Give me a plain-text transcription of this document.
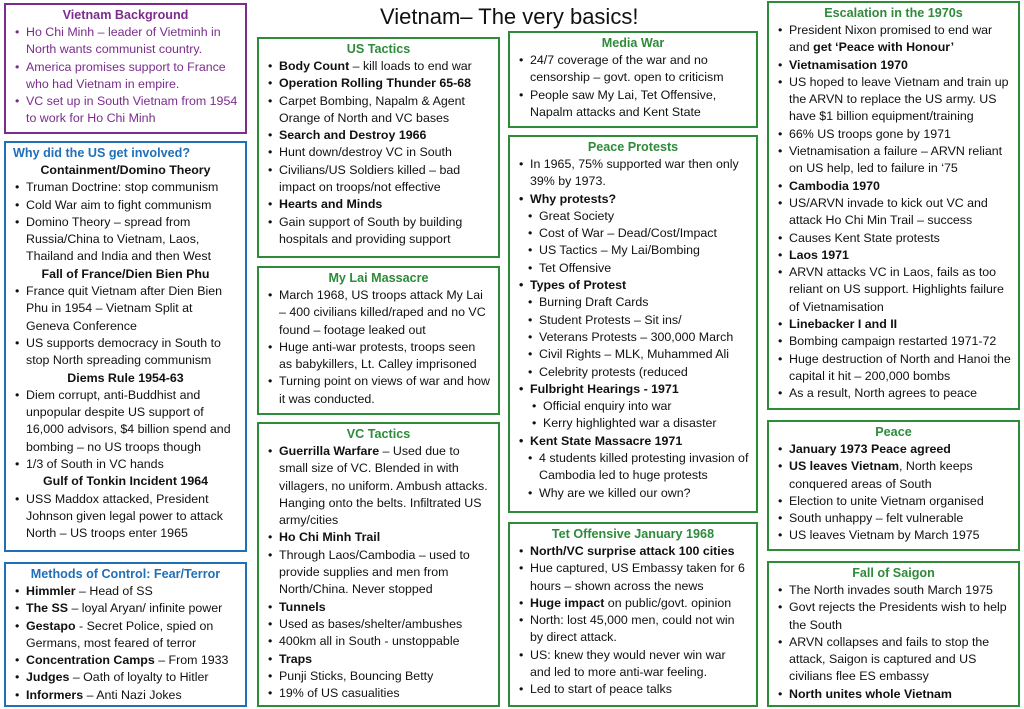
Vietnam– The very basics!
Vietnam Background
• Ho Chi Minh – leader of Vietminh in North wants communist country.
• America promises support to France who had Vietnam in empire.
• VC set up in South Vietnam from 1954 to work for Ho Chi Minh
Why did the US get involved?
Containment/Domino Theory
• Truman Doctrine: stop communism
• Cold War aim to fight communism
• Domino Theory – spread from Russia/China to Vietnam, Laos, Thailand and India and then West
Fall of France/Dien Bien Phu
• France quit Vietnam after Dien Bien Phu in 1954 – Vietnam Split at Geneva Conference
• US supports democracy in South to stop North spreading communism
Diems Rule 1954-63
• Diem corrupt, anti-Buddhist and unpopular despite US support of 16,000 advisors, $4 billion spend and bombing – no US troops though
• 1/3 of South in VC hands
Gulf of Tonkin Incident 1964
• USS Maddox attacked, President Johnson given legal power to attack North – US troops enter 1965
Methods of Control: Fear/Terror
• Himmler – Head of SS
• The SS – loyal Aryan/ infinite power
• Gestapo - Secret Police, spied on Germans, most feared of terror
• Concentration Camps – From 1933
• Judges – Oath of loyalty to Hitler
• Informers – Anti Nazi Jokes
US Tactics
• Body Count – kill loads to end war
• Operation Rolling Thunder 65-68
• Carpet Bombing, Napalm & Agent Orange of North and VC bases
• Search and Destroy 1966
• Hunt down/destroy VC in South
• Civilians/US Soldiers killed – bad impact on troops/not effective
• Hearts and Minds
• Gain support of South by building hospitals and providing support
My Lai Massacre
• March 1968, US troops attack My Lai – 400 civilians killed/raped and no VC found – footage leaked out
• Huge anti-war protests, troops seen as babykillers, Lt. Calley imprisoned
• Turning point on views of war and how it was conducted.
VC Tactics
• Guerrilla Warfare – Used due to small size of VC. Blended in with villagers, no uniform. Ambush attacks. Hanging onto the belts. Infiltrated US army/cities
• Ho Chi Minh Trail
• Through Laos/Cambodia – used to provide supplies and men from North/China. Never stopped
• Tunnels
• Used as bases/shelter/ambushes
• 400km all in South - unstoppable
• Traps
• Punji Sticks, Bouncing Betty
• 19% of US casualities
Media War
• 24/7 coverage of the war and no censorship – govt. open to criticism
• People saw My Lai, Tet Offensive, Napalm attacks and Kent State
Peace Protests
• In 1965, 75% supported war then only 39% by 1973.
• Why protests?
• Great Society
• Cost of War – Dead/Cost/Impact
• US Tactics – My Lai/Bombing
• Tet Offensive
• Types of Protest
• Burning Draft Cards
• Student Protests – Sit ins/
• Veterans Protests – 300,000 March
• Civil Rights – MLK, Muhammed Ali
• Celebrity protests (reduced
• Fulbright Hearings - 1971
• Official enquiry into war
• Kerry highlighted war a disaster
• Kent State Massacre 1971
• 4 students killed protesting invasion of Cambodia led to huge protests
• Why are we killed our own?
Tet Offensive January 1968
• North/VC surprise attack 100 cities
• Hue captured, US Embassy taken for 6 hours – shown across the news
• Huge impact on public/govt. opinion
• North: lost 45,000 men, could not win by direct attack.
• US: knew they would never win war and led to more anti-war feeling.
• Led to start of peace talks
Escalation in the 1970s
• President Nixon promised to end war and get ‘Peace with Honour’
• Vietnamisation 1970
• US hoped to leave Vietnam and train up the ARVN to replace the US army. US have $1 billion equipment/training
• 66% US troops gone by 1971
• Vietnamisation a failure – ARVN reliant on US help, led to failure in ‘75
• Cambodia 1970
• US/ARVN invade to kick out VC and attack Ho Chi Min Trail – success
• Causes Kent State protests
• Laos 1971
• ARVN attacks VC in Laos, fails as too reliant on US support. Highlights failure of Vietnamisation
• Linebacker I and II
• Bombing campaign restarted 1971-72
• Huge destruction of North and Hanoi the capital it hit – 200,000 bombs
• As a result, North agrees to peace
Peace
• January 1973 Peace agreed
• US leaves Vietnam, North keeps conquered areas of South
• Election to unite Vietnam organised
• South unhappy – felt vulnerable
• US leaves Vietnam by March 1975
Fall of Saigon
• The North invades south March 1975
• Govt rejects the Presidents wish to help the South
• ARVN collapses and fails to stop the attack, Saigon is captured and US civilians flee ES embassy
• North unites whole Vietnam
